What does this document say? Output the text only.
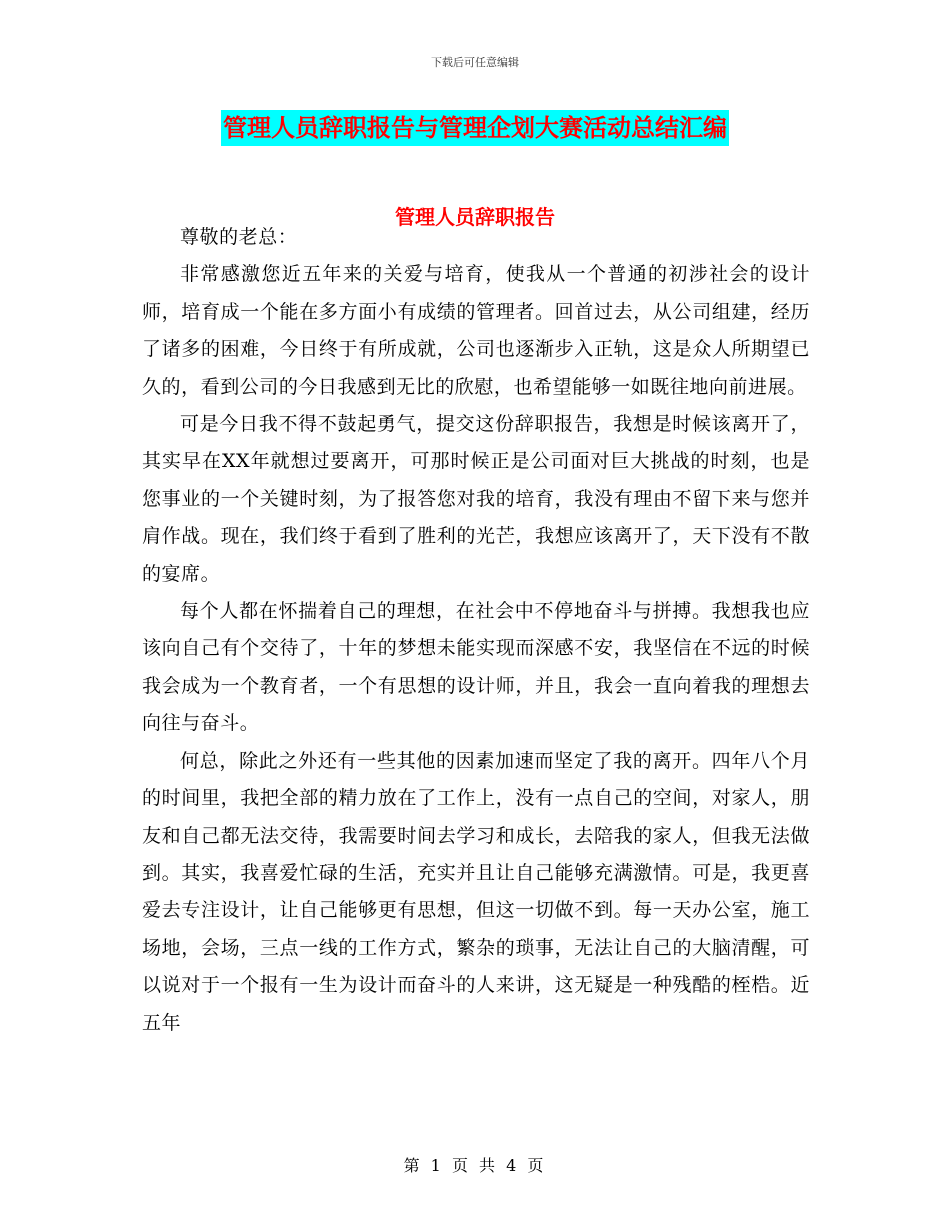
下载后可任意编辑
管理人员辞职报告与管理企划大赛活动总结汇编
管理人员辞职报告

尊敬的老总：

非常感激您近五年来的关爱与培育，使我从一个普通的初涉社会的设计师，培育成一个能在多方面小有成绩的管理者。回首过去，从公司组建，经历了诸多的困难，今日终于有所成就，公司也逐渐步入正轨，这是众人所期望已久的，看到公司的今日我感到无比的欣慰，也希望能够一如既往地向前进展。

可是今日我不得不鼓起勇气，提交这份辞职报告，我想是时候该离开了，其实早在XX年就想过要离开，可那时候正是公司面对巨大挑战的时刻，也是您事业的一个关键时刻，为了报答您对我的培育，我没有理由不留下来与您并肩作战。现在，我们终于看到了胜利的光芒，我想应该离开了，天下没有不散的宴席。

每个人都在怀揣着自己的理想，在社会中不停地奋斗与拼搏。我想我也应该向自己有个交待了，十年的梦想未能实现而深感不安，我坚信在不远的时候我会成为一个教育者，一个有思想的设计师，并且，我会一直向着我的理想去向往与奋斗。

何总，除此之外还有一些其他的因素加速而坚定了我的离开。四年八个月的时间里，我把全部的精力放在了工作上，没有一点自己的空间，对家人，朋友和自己都无法交待，我需要时间去学习和成长，去陪我的家人，但我无法做到。其实，我喜爱忙碌的生活，充实并且让自己能够充满激情。可是，我更喜爱去专注设计，让自己能够更有思想，但这一切做不到。每一天办公室，施工场地，会场，三点一线的工作方式，繁杂的琐事，无法让自己的大脑清醒，可以说对于一个报有一生为设计而奋斗的人来讲，这无疑是一种残酷的桎梏。近五年

第 1 页 共 4 页
